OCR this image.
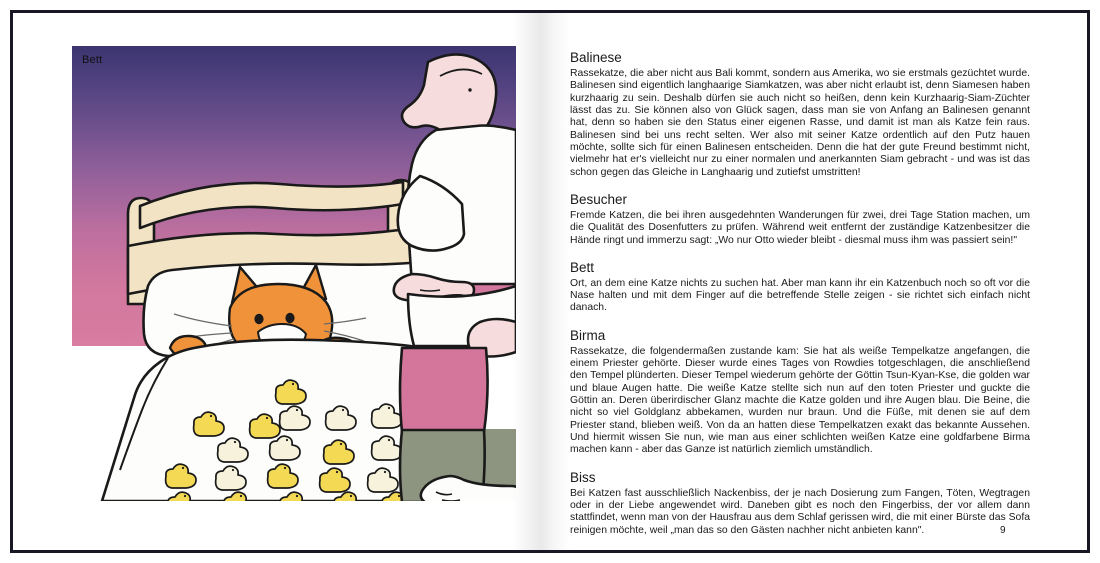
Bett	Balinese

Rassekatze, die aber nicht aus Bali kommt, sondern aus Amerika, wo sie erstmals gezüchtet wurde. Balinesen sind eigentlich langhaarige Siamkatzen, was aber nicht erlaubt ist, denn Siamesen haben kurzhaarig zu sein. Deshalb dürfen sie auch nicht so heißen, denn kein Kurzhaarig-Siam-Züchter lässt das zu. Sie können also von Glück sagen, dass man sie von Anfang an Balinesen genannt hat, denn so haben sie den Status einer eigenen Rasse, und damit ist man als Katze fein raus. Balinesen sind bei uns recht selten. Wer also mit seiner Katze ordentlich auf den Putz hauen möchte, sollte sich für einen Balinesen entscheiden. Denn die hat der gute Freund bestimmt nicht, vielmehr hat er's vielleicht nur zu einer normalen und anerkannten Siam gebracht - und was ist das schon gegen das Gleiche in Langhaarig und zutiefst umstritten!

Besucher

Fremde Katzen, die bei ihren ausgedehnten Wanderungen für zwei, drei Tage Station machen, um die Qualität des Dosenfutters zu prüfen. Während weit entfernt der zuständige Katzenbesitzer die Hände ringt und immerzu sagt: „Wo nur Otto wieder bleibt - diesmal muss ihm was passiert sein!"

Bett

Ort, an dem eine Katze nichts zu suchen hat. Aber man kann ihr ein Katzenbuch noch so oft vor die Nase halten und mit dem Finger auf die betreffende Stelle zeigen - sie richtet sich einfach nicht danach.

Birma

Rassekatze, die folgendermaßen zustande kam: Sie hat als weiße Tempelkatze angefangen, die einem Priester gehörte. Dieser wurde eines Tages von Rowdies totgeschlagen, die anschließend den Tempel plünderten. Dieser Tempel wiederum gehörte der Göttin Tsun-Kyan-Kse, die golden war und blaue Augen hatte. Die weiße Katze stellte sich nun auf den toten Priester und guckte die Göttin an. Deren überirdischer Glanz machte die Katze golden und ihre Augen blau. Die Beine, die nicht so viel Goldglanz abbekamen, wurden nur braun. Und die Füße, mit denen sie auf dem Priester stand, blieben weiß. Von da an hatten diese Tempelkatzen exakt das bekannte Aussehen. Und hiermit wissen Sie nun, wie man aus einer schlichten weißen Katze eine goldfarbene Birma machen kann - aber das Ganze ist natürlich ziemlich umständlich.

Biss

Bei Katzen fast ausschließlich Nackenbiss, der je nach Dosierung zum Fangen, Töten, Wegtragen oder in der Liebe angewendet wird. Daneben gibt es noch den Fingerbiss, der vor allem dann stattfindet, wenn man von der Hausfrau aus dem Schlaf gerissen wird, die mit einer Bürste das Sofa reinigen möchte, weil „man das so den Gästen nachher nicht anbieten kann".	9
